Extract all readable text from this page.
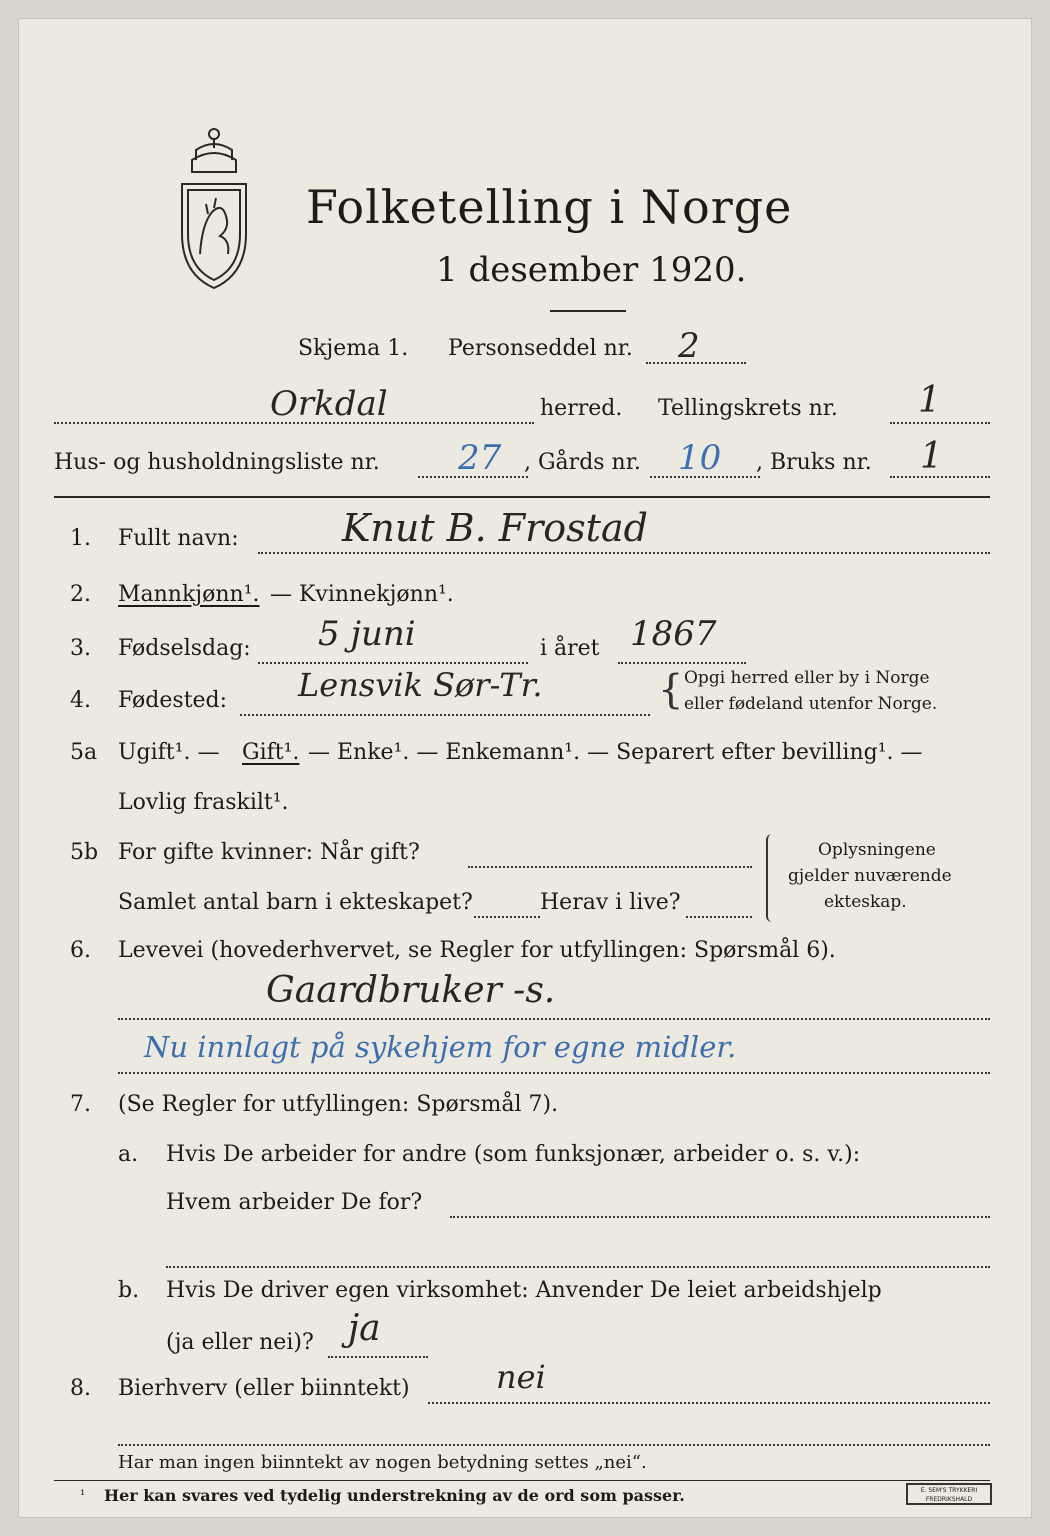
Folketelling i Norge
1 desember 1920.
Skjema 1. Personseddel nr. 2
Orkdal	herred. Tellingskrets nr. 1
Hus- og husholdningsliste nr. 27 , Gårds nr. 10 , Bruks nr. 1
1. Fullt navn:	Knut B. Frostad
2. Mannkjønn¹. — Kvinnekjønn¹.
3. Fødselsdag: 5 juni	i året 1867
4. Fødested: Lensvik Sør-Tr.	{ Opgi herred eller by i Norge
eller fødeland utenfor Norge.
5a Ugift¹. — Gift¹. — Enke¹. — Enkemann¹. — Separert efter bevilling¹. —
Lovlig fraskilt¹.
5b For gifte kvinner: Når gift?
Samlet antal barn i ekteskapet?	Herav i live?
Oplysningene
gjelder nuværende
ekteskap.
6. Levevei (hovederhvervet, se Regler for utfyllingen: Spørsmål 6).
Gaardbruker -s.
Nu innlagt på sykehjem for egne midler.
7. (Se Regler for utfyllingen: Spørsmål 7).
a. Hvis De arbeider for andre (som funksjonær, arbeider o. s. v.):
Hvem arbeider De for?
b. Hvis De driver egen virksomhet: Anvender De leiet arbeidshjelp
(ja eller nei)? ja
8. Bierhverv (eller biinntekt)	nei
Har man ingen biinntekt av nogen betydning settes „nei“.
¹ Her kan svares ved tydelig understrekning av de ord som passer.	E. SEM'S TRYKKERI
FREDRIKSHALD
